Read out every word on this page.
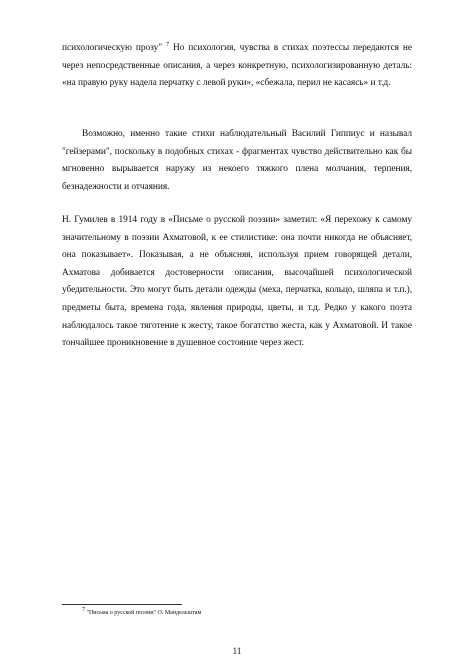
психологическую прозу" $^7$ Но психология, чувства в стихах поэтессы передаются не через непосредственные описания, а через конкретную, психологизированную деталь: «на правую руку надела перчатку с левой руки», «сбежала, перил не касаясь» и т.д.

Возможно, именно такие стихи наблюдательный Василий Гиппиус и называл "гейзерами", поскольку в подобных стихах - фрагментах чувство действительно как бы мгновенно вырывается наружу из некоего тяжкого плена молчания, терпения, безнадежности и отчаяния.

Н. Гумилев в 1914 году в «Письме о русской поэзии» заметил: «Я перехожу к самому значительному в поэзии Ахматовой, к ее стилистике: она почти никогда не объясняет, она показывает». Показывая, а не объясняя, используя прием говорящей детали, Ахматова добивается достоверности описания, высочайшей психологической убедительности. Это могут быть детали одежды (меха, перчатка, кольцо, шляпа и т.п.), предметы быта, времена года, явления природы, цветы, и т.д. Редко у какого поэта наблюдалось такое тяготение к жесту, такое богатство жеста, как у Ахматовой. И такое тончайшее проникновение в душевное состояние через жест.

$^7$ "Письма о русской поэзии" О. Мандельштам
11
